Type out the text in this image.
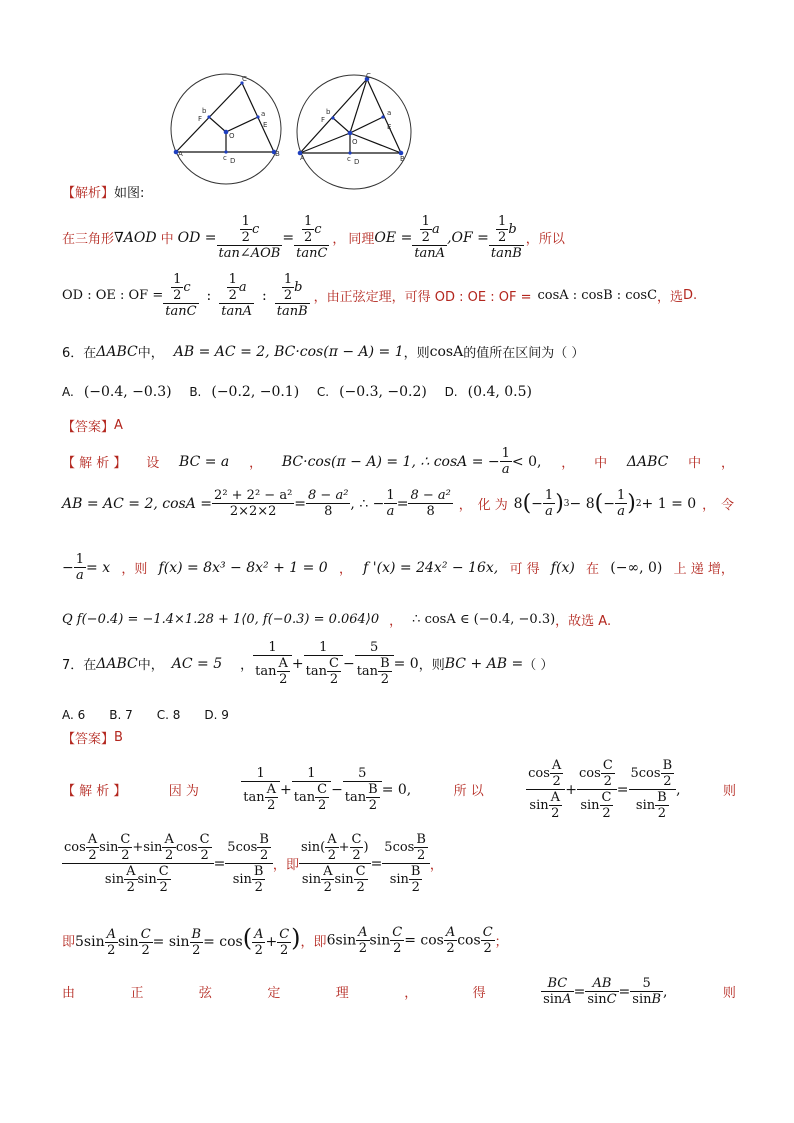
A	B
C
O
D
E
F
a
b
c	A	B
C
O
D
E
F
a
b
c
【解析】 如图:
在三角形 ∇AOD 中 OD = $\frac{\frac{1}{2} c}{\text{tan∠AOB}} = \frac{\frac{1}{2} c}{\tan C}$ ， 同理 OE = $\frac{\frac{1}{2} a}{\tan A}$ , OF = $\frac{\frac{1}{2} b}{\tan B}$ ， 所以
OD : OE : OF = $\frac{\frac{1}{2} c}{\tan C}$ : $\frac{\frac{1}{2} a}{\tan A}$ : $\frac{\frac{1}{2} b}{\tan B}$ ， 由正弦定理，可得 OD : OE : OF = cosA : cosB : cosC ， 选 D.
6．在 ΔABC 中， AB = AC = 2, BC·cos(π − A) = 1 ，则 cosA 的值所在区间为（ ）
A. (−0.4, −0.3) B. (−0.2, −0.1) C. (−0.3, −0.2) D. (0.4, 0.5)
【答案】 A
【 解 析 】 设 BC = a ， BC·cos(π − A) = 1, ∴ cosA = − $\frac{1}{a} < 0$, ， 中 ΔABC 中 ，
AB = AC = 2, $\cos A = \frac{\text{2² + 2² − a²}}{2\times 2\times 2} = \frac{\text{8 − a²}}{8}$ , ∴ − $\frac{1}{a} = \frac{\text{8 − a²}}{8}$ ， 化 为 8 ( − $\frac{1}{a}$ ) 3 − 8 ( − $\frac{1}{a}$ ) 2 + 1 = 0 ， 令
− $\frac{1}{a} = x$ ，则 f(x) = 8x³ − 8x² + 1 = 0 ， f '(x) = 24x² − 16x, 可 得 f(x) 在 (−∞, 0) 上 递 增，
Q f(−0.4) = −1.4×1.28 + 1⟨0, f(−0.3) = 0.064⟩0 ， ∴ cosA ∈ (−0.4, −0.3) ，故选 A.
7．在 ΔABC 中， AC = 5 ， $\frac{1}{\tan \frac{A}{2}} + \frac{1}{\tan \frac{C}{2}} - \frac{5}{\tan \frac{B}{2}} = 0$ ，则 BC + AB = （ ）
A. 6 B. 7 C. 8 D. 9
【答案】 B
【 解 析 】	因 为	$\frac{1}{\tan \frac{A}{2}} + \frac{1}{\tan \frac{C}{2}} - \frac{5}{\tan \frac{B}{2}} = 0$,	所 以	$\frac{\cos \frac{A}{2}}{\sin \frac{A}{2}} + \frac{\cos \frac{C}{2}}{\sin \frac{C}{2}} = \frac{5\cos \frac{B}{2}}{\sin \frac{B}{2}}$ ,	则
$\frac{\cos \frac{A}{2} \sin \frac{C}{2} +\sin \frac{A}{2} \cos \frac{C}{2}}{\sin \frac{A}{2} \sin \frac{C}{2}} = \frac{5\cos \frac{B}{2}}{\sin \frac{B}{2}}$ ， 即 $\frac{\sin( \frac{A}{2} + \frac{C}{2} )}{\sin \frac{A}{2} \sin \frac{C}{2}} = \frac{5\cos \frac{B}{2}}{\sin \frac{B}{2}}$ ，
即 $5\sin \frac{A}{2}$ $\sin \frac{C}{2} = \sin \frac{B}{2} = \cos( \frac{A}{2} + \frac{C}{2}$ ) ， 即 $6\sin \frac{A}{2}$ $\sin \frac{C}{2} = \cos \frac{A}{2}$ $\cos \frac{C}{2}$ ；
由	正	弦	定	理	，	得	$\frac{BC}{\sin A} = \frac{AB}{\sin C} = \frac{5}{\sin B}$ ,	则
